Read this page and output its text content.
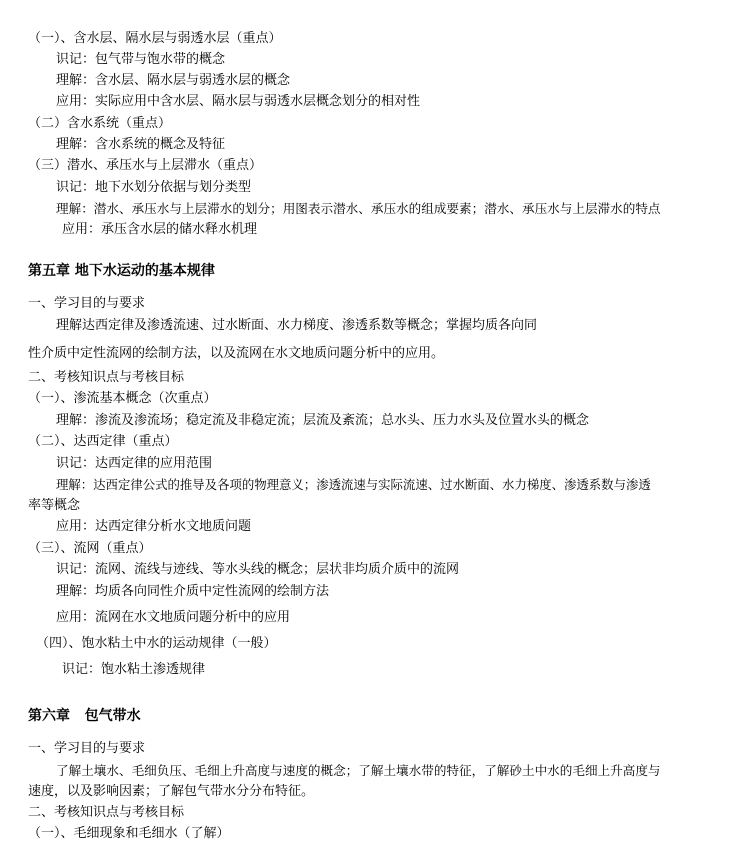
（一）、含水层、隔水层与弱透水层（重点）
识记：包气带与饱水带的概念
理解：含水层、隔水层与弱透水层的概念
应用：实际应用中含水层、隔水层与弱透水层概念划分的相对性
（二）含水系统（重点）
理解：含水系统的概念及特征
（三）潜水、承压水与上层滞水（重点）
识记：地下水划分依据与划分类型
理解：潜水、承压水与上层滞水的划分；用图表示潜水、承压水的组成要素；潜水、承压水与上层滞水的特点
应用：承压含水层的储水释水机理
第五章 地下水运动的基本规律
一、学习目的与要求
理解达西定律及渗透流速、过水断面、水力梯度、渗透系数等概念；掌握均质各向同
性介质中定性流网的绘制方法，以及流网在水文地质问题分析中的应用。
二、考核知识点与考核目标
（一）、渗流基本概念（次重点）
理解：渗流及渗流场；稳定流及非稳定流；层流及紊流；总水头、压力水头及位置水头的概念
（二）、达西定律（重点）
识记：达西定律的应用范围
理解：达西定律公式的推导及各项的物理意义；渗透流速与实际流速、过水断面、水力梯度、渗透系数与渗透
率等概念
应用：达西定律分析水文地质问题
（三）、流网（重点）
识记：流网、流线与迹线、等水头线的概念；层状非均质介质中的流网
理解：均质各向同性介质中定性流网的绘制方法
应用：流网在水文地质问题分析中的应用
（四）、饱水粘土中水的运动规律（一般）
识记：饱水粘土渗透规律
第六章   包气带水
一、学习目的与要求
了解土壤水、毛细负压、毛细上升高度与速度的概念；了解土壤水带的特征，了解砂土中水的毛细上升高度与
速度，以及影响因素；了解包气带水分分布特征。
二、考核知识点与考核目标
（一）、毛细现象和毛细水（了解）
